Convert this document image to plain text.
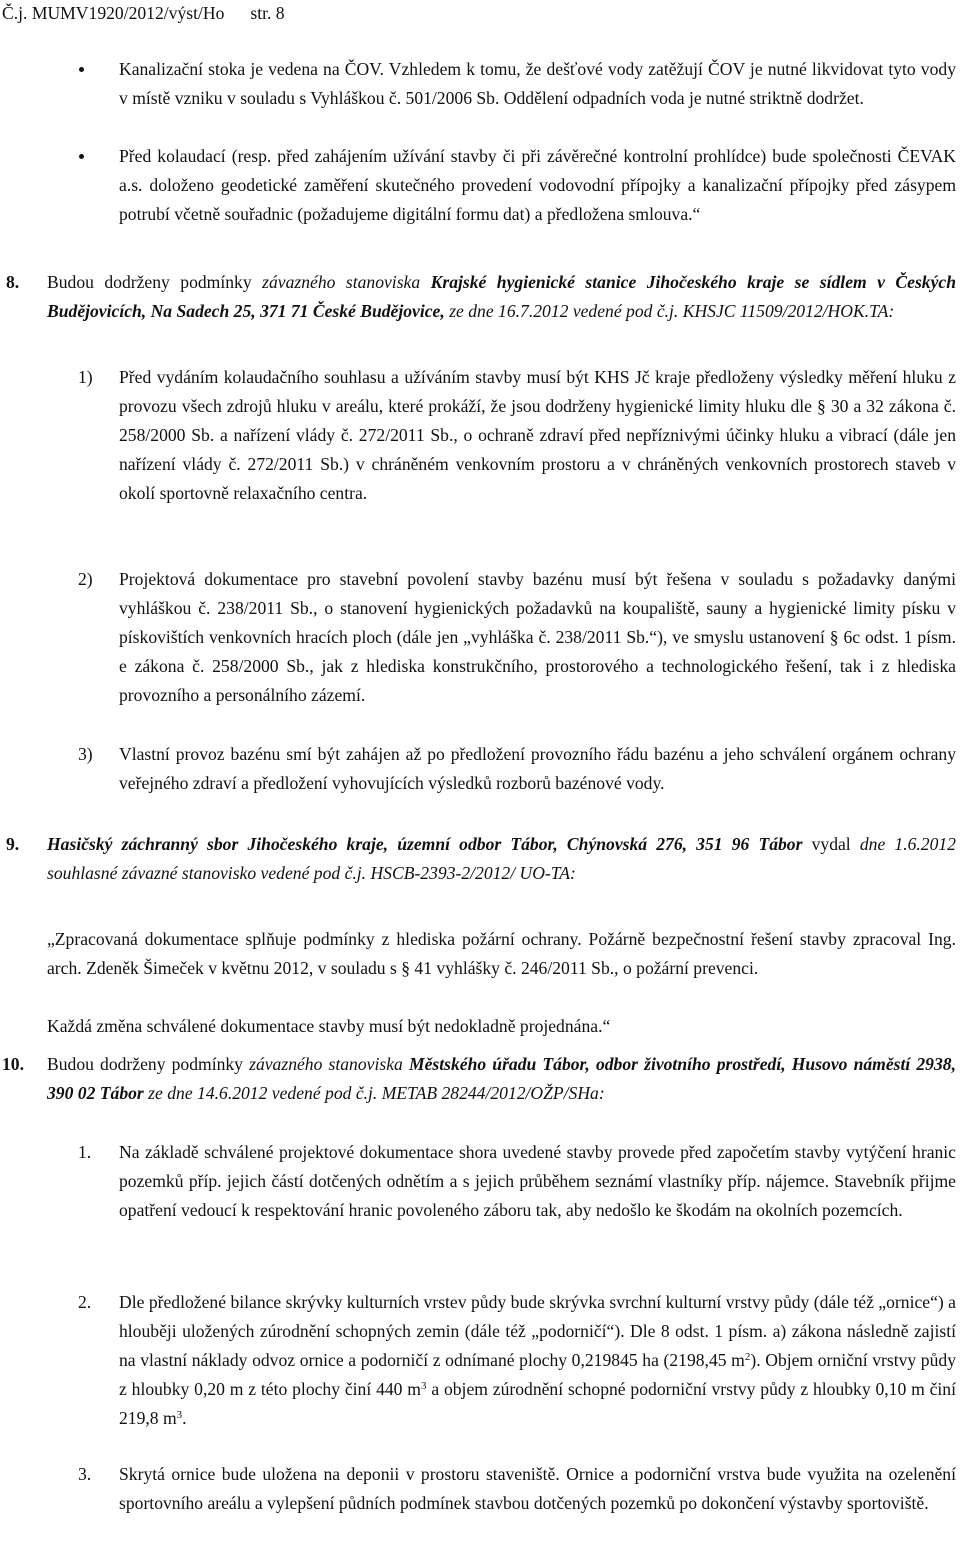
Č.j. MUMV1920/2012/výst/Ho str. 8
Kanalizační stoka je vedena na ČOV. Vzhledem k tomu, že dešťové vody zatěžují ČOV je nutné likvidovat tyto vody v místě vzniku v souladu s Vyhláškou č. 501/2006 Sb. Oddělení odpadních voda je nutné striktně dodržet.
Před kolaudací (resp. před zahájením užívání stavby či při závěrečné kontrolní prohlídce) bude společnosti ČEVAK a.s. doloženo geodetické zaměření skutečného provedení vodovodní přípojky a kanalizační přípojky před zásypem potrubí včetně souřadnic (požadujeme digitální formu dat) a předložena smlouva.“
8. Budou dodrženy podmínky závazného stanoviska Krajské hygienické stanice Jihočeského kraje se sídlem v Českých Budějovicích, Na Sadech 25, 371 71 České Budějovice, ze dne 16.7.2012 vedené pod č.j. KHSJC 11509/2012/HOK.TA:
1) Před vydáním kolaudačního souhlasu a užíváním stavby musí být KHS Jč kraje předloženy výsledky měření hluku z provozu všech zdrojů hluku v areálu, které prokáží, že jsou dodrženy hygienické limity hluku dle § 30 a 32 zákona č. 258/2000 Sb. a nařízení vlády č. 272/2011 Sb., o ochraně zdraví před nepříznivými účinky hluku a vibrací (dále jen nařízení vlády č. 272/2011 Sb.) v chráněném venkovním prostoru a v chráněných venkovních prostorech staveb v okolí sportovně relaxačního centra.
2) Projektová dokumentace pro stavební povolení stavby bazénu musí být řešena v souladu s požadavky danými vyhláškou č. 238/2011 Sb., o stanovení hygienických požadavků na koupaliště, sauny a hygienické limity písku v pískovištích venkovních hracích ploch (dále jen „vyhláška č. 238/2011 Sb.“), ve smyslu ustanovení § 6c odst. 1 písm. e zákona č. 258/2000 Sb., jak z hlediska konstrukčního, prostorového a technologického řešení, tak i z hlediska provozního a personálního zázemí.
3) Vlastní provoz bazénu smí být zahájen až po předložení provozního řádu bazénu a jeho schválení orgánem ochrany veřejného zdraví a předložení vyhovujících výsledků rozborů bazénové vody.
9. Hasičský záchranný sbor Jihočeského kraje, územní odbor Tábor, Chýnovská 276, 351 96 Tábor vydal dne 1.6.2012 souhlasné závazné stanovisko vedené pod č.j. HSCB-2393-2/2012/ UO-TA:
„Zpracovaná dokumentace splňuje podmínky z hlediska požární ochrany. Požárně bezpečnostní řešení stavby zpracoval Ing. arch. Zdeněk Šimeček v květnu 2012, v souladu s § 41 vyhlášky č. 246/2011 Sb., o požární prevenci.
Každá změna schválené dokumentace stavby musí být nedokladně projednána.“
10. Budou dodrženy podmínky závazného stanoviska Městského úřadu Tábor, odbor životního prostředí, Husovo náměstí 2938, 390 02 Tábor ze dne 14.6.2012 vedené pod č.j. METAB 28244/2012/OŽP/SHa:
1. Na základě schválené projektové dokumentace shora uvedené stavby provede před započetím stavby vytýčení hranic pozemků příp. jejich částí dotčených odnětím a s jejich průběhem seznámí vlastníky příp. nájemce. Stavebník přijme opatření vedoucí k respektování hranic povoleného záboru tak, aby nedošlo ke škodám na okolních pozemcích.
2. Dle předložené bilance skrývky kulturních vrstev půdy bude skrývka svrchní kulturní vrstvy půdy (dále též „ornice“) a hlouběji uložených zúrodnění schopných zemin (dále též „podorničí“). Dle 8 odst. 1 písm. a) zákona následně zajistí na vlastní náklady odvoz ornice a podorničí z odnímané plochy 0,219845 ha (2198,45 $m^2$). Objem orniční vrstvy půdy z hloubky 0,20 m z této plochy činí 440 $m^3$ a objem zúrodnění schopné podorniční vrstvy půdy z hloubky 0,10 m činí 219,8 $m^3$.
3. Skrytá ornice bude uložena na deponii v prostoru staveniště. Ornice a podorniční vrstva bude využita na ozelenění sportovního areálu a vylepšení půdních podmínek stavbou dotčených pozemků po dokončení výstavby sportoviště.
